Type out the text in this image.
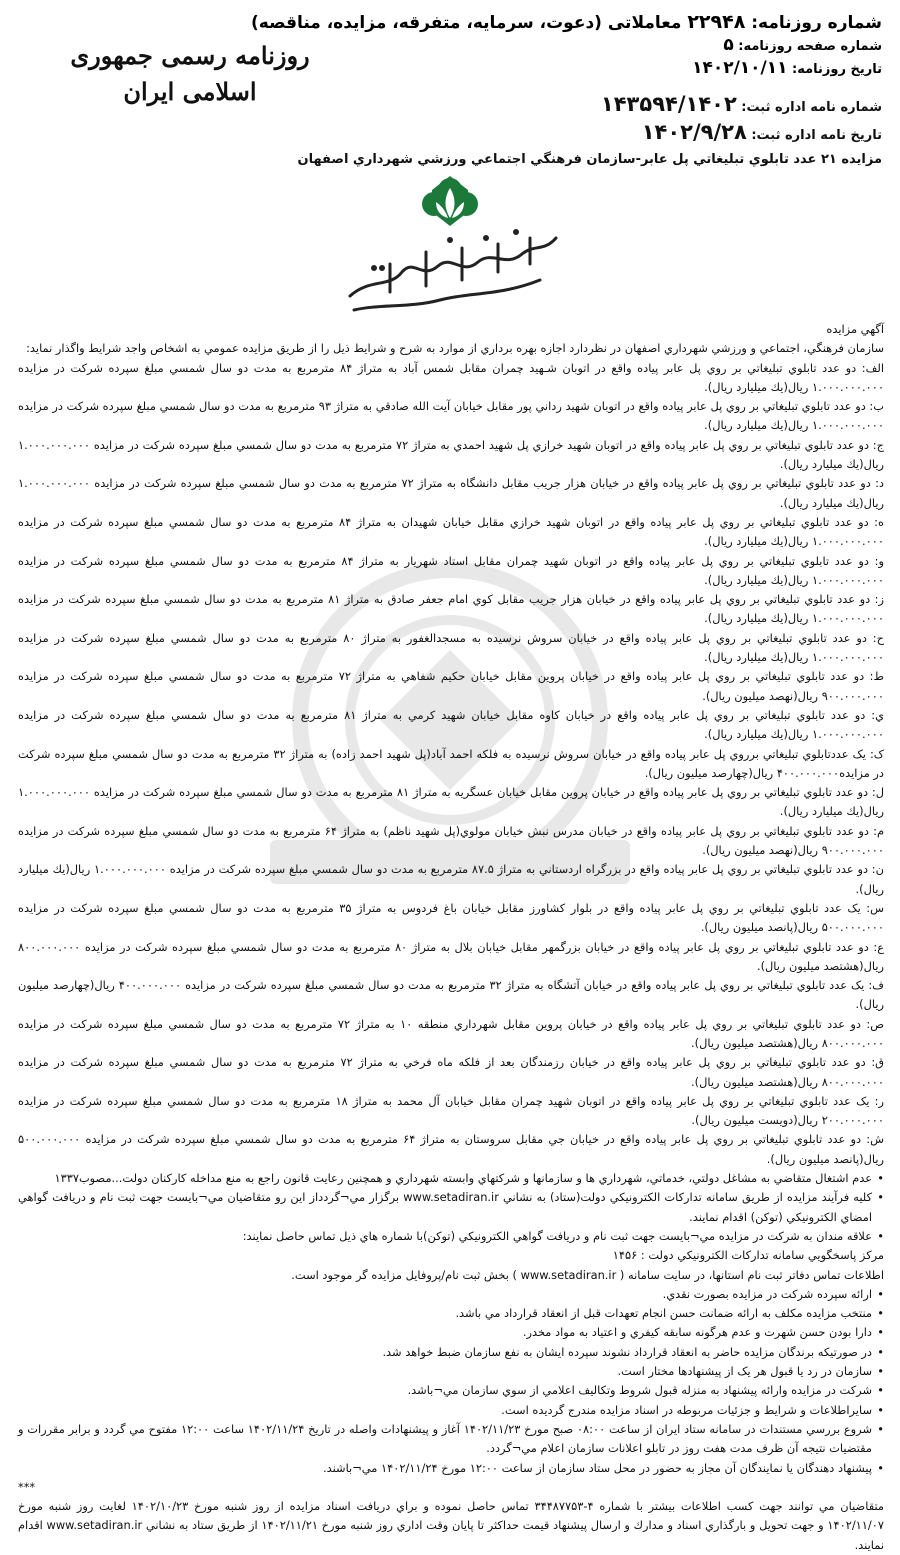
شماره روزنامه: ۲۲۹۴۸ معاملاتی (دعوت، سرمایه، متفرقه، مزایده، مناقصه)
شماره صفحه روزنامه: ۵
تاریخ روزنامه: ۱۴۰۲/۱۰/۱۱
روزنامه رسمی جمهوری اسلامی ایران
شماره نامه اداره ثبت: ۱۴۳۵۹۴/۱۴۰۲
تاریخ نامه اداره ثبت: ۱۴۰۲/۹/۲۸
مزایده ۲۱ عدد تابلوي تبليغاتي پل عابر-سازمان فرهنگي اجتماعي ورزشي شهرداري اصفهان

آگهي مزايده

سازمان فرهنگي، اجتماعي و ورزشي شهرداري اصفهان در نظردارد اجازه بهره برداري از موارد به شرح و شرايط ذيل را از طريق مزايده عمومي به اشخاص واجد شرايط واگذار نمايد:

الف: دو عدد تابلوي تبليغاتي بر روي پل عابر پياده واقع در اتوبان شـهيد چمران مقابل شمس آباد به متراژ ۸۴ مترمربع به مدت دو سال شمسي مبلغ سپرده شركت در مزايده ۱.۰۰۰.۰۰۰.۰۰۰ ريال(يك ميليارد ريال).

ب: دو عدد تابلوي تبليغاتي بر روي پل عابر پياده واقع در اتوبان شهيد رداني پور مقابل خيابان آيت الله صادقي به متراژ ۹۳ مترمربع به مدت دو سال شمسي مبلغ سپرده شركت در مزايده ۱.۰۰۰.۰۰۰.۰۰۰ ريال(يك ميليارد ريال).

ج: دو عدد تابلوي تبليغاتي بر روي پل عابر پياده واقع در اتوبان شهيد خرازي پل شهيد احمدي به متراژ ۷۲ مترمربع به مدت دو سال شمسي مبلغ سپرده شركت در مزايده ۱.۰۰۰.۰۰۰.۰۰۰ ريال(يك ميليارد ريال).

د: دو عدد تابلوي تبليغاتي بر روي پل عابر پياده واقع در خيابان هزار جريب مقابل دانشگاه به متراژ ۷۲ مترمربع به مدت دو سال شمسي مبلغ سپرده شركت در مزايده ۱.۰۰۰.۰۰۰.۰۰۰ ريال(يك ميليارد ريال).

ه: دو عدد تابلوي تبليغاتي بر روي پل عابر پياده واقع در اتوبان شهيد خرازي مقابل خيابان شهيدان به متراژ ۸۴ مترمربع به مدت دو سال شمسي مبلغ سپرده شركت در مزايده ۱.۰۰۰.۰۰۰.۰۰۰ ريال(يك ميليارد ريال).

و: دو عدد تابلوي تبليغاتي بر روي پل عابر پياده واقع در اتوبان شهيد چمران مقابل استاد شهريار به متراژ ۸۴ مترمربع به مدت دو سال شمسي مبلغ سپرده شركت در مزايده ۱.۰۰۰.۰۰۰.۰۰۰ ريال(يك ميليارد ريال).

ز: دو عدد تابلوي تبليغاتي بر روي پل عابر پياده واقع در خيابان هزار جريب مقابل كوي امام جعفر صادق به متراژ ۸۱ مترمربع به مدت دو سال شمسي مبلغ سپرده شركت در مزايده ۱.۰۰۰.۰۰۰.۰۰۰ ريال(يك ميليارد ريال).

ح: دو عدد تابلوي تبليغاتي بر روي پل عابر پياده واقع در خيابان سروش نرسيده به مسجدالغفور به متراژ ۸۰ مترمربع به مدت دو سال شمسي مبلغ سپرده شركت در مزايده ۱.۰۰۰.۰۰۰.۰۰۰ ريال(يك ميليارد ريال).

ط: دو عدد تابلوي تبليغاتي بر روي پل عابر پياده واقع در خيابان پروين مقابل خيابان حكيم شفاهي به متراژ ۷۲ مترمربع به مدت دو سال شمسي مبلغ سپرده شركت در مزايده ۹۰۰.۰۰۰.۰۰۰ ريال(نهصد ميليون ريال).

ي: دو عدد تابلوي تبليغاتي بر روي پل عابر پياده واقع در خيابان كاوه مقابل خيابان شهيد كرمي به متراژ ۸۱ مترمربع به مدت دو سال شمسي مبلغ سپرده شركت در مزايده ۱.۰۰۰.۰۰۰.۰۰۰ ريال(يك ميليارد ريال).

ک: يک عددتابلوي تبليغاتي برروي پل عابر پياده واقع در خيابان سروش نرسيده به فلكه احمد آباد(پل شهيد احمد زاده) به متراژ ۳۲ مترمربع به مدت دو سال شمسي مبلغ سپرده شركت در مزايده۴۰۰.۰۰۰.۰۰۰ ريال(چهارصد ميليون ريال).

ل: دو عدد تابلوي تبليغاتي بر روي پل عابر پياده واقع در خيابان پروين مقابل خيابان عسگريه به متراژ ۸۱ مترمربع به مدت دو سال شمسي مبلغ سپرده شركت در مزايده ۱.۰۰۰.۰۰۰.۰۰۰ ريال(يك ميليارد ريال).

م: دو عدد تابلوي تبليغاتي بر روي پل عابر پياده واقع در خيابان مدرس نبش خيابان مولوي(پل شهيد ناظم) به متراژ ۶۴ مترمربع به مدت دو سال شمسي مبلغ سپرده شركت در مزايده ۹۰۰.۰۰۰.۰۰۰ ريال(نهصد ميليون ريال).

ن: دو عدد تابلوي تبليغاتي بر روي پل عابر پياده واقع در بزرگراه اردستاني به متراژ ۸۷.۵ مترمربع به مدت دو سال شمسي مبلغ سپرده شركت در مزايده ۱.۰۰۰.۰۰۰.۰۰۰ ريال(يك ميليارد ريال).

س: يک عدد تابلوي تبليغاتي بر روي پل عابر پياده واقع در بلوار كشاورز مقابل خيابان باغ فردوس به متراژ ۳۵ مترمربع به مدت دو سال شمسي مبلغ سپرده شركت در مزايده ۵۰۰.۰۰۰.۰۰۰ ريال(پانصد ميليون ريال).

ع: دو عدد تابلوي تبليغاتي بر روي پل عابر پياده واقع در خيابان بزرگمهر مقابل خيابان بلال به متراژ ۸۰ مترمربع به مدت دو سال شمسي مبلغ سپرده شركت در مزايده ۸۰۰.۰۰۰.۰۰۰ ريال(هشتصد ميليون ريال).

ف: يک عدد تابلوي تبليغاتي بر روي پل عابر پياده واقع در خيابان آتشگاه به متراژ ۳۲ مترمربع به مدت دو سال شمسي مبلغ سپرده شركت در مزايده ۴۰۰.۰۰۰.۰۰۰ ريال(چهارصد ميليون ريال).

ص: دو عدد تابلوي تبليغاتي بر روي پل عابر پياده واقع در خيابان پروين مقابل شهرداري منطقه ۱۰ به متراژ ۷۲ مترمربع به مدت دو سال شمسي مبلغ سپرده شركت در مزايده ۸۰۰.۰۰۰.۰۰۰ ريال(هشتصد ميليون ريال).

ق: دو عدد تابلوي تبليغاتي بر روي پل عابر پياده واقع در خيابان رزمندگان بعد از فلكه ماه فرخي به متراژ ۷۲ مترمربع به مدت دو سال شمسي مبلغ سپرده شركت در مزايده ۸۰۰.۰۰۰.۰۰۰ ريال(هشتصد ميليون ريال).

ر: يک عدد تابلوي تبليغاتي بر روي پل عابر پياده واقع در اتوبان شهيد چمران مقابل خيابان آل محمد به متراژ ۱۸ مترمربع به مدت دو سال شمسي مبلغ سپرده شركت در مزايده ۲۰۰.۰۰۰.۰۰۰ ريال(دويست ميليون ريال).

ش: دو عدد تابلوي تبليغاتي بر روي پل عابر پياده واقع در خيابان جي مقابل سروستان به متراژ ۶۴ مترمربع به مدت دو سال شمسي مبلغ سپرده شركت در مزايده ۵۰۰.۰۰۰.۰۰۰ ريال(پانصد ميليون ريال).

• عدم اشتغال متقاضي به مشاغل دولتي، خدماتي، شهرداري ها و سازمانها و شركتهاي وابسته شهرداري و همچنين رعايت قانون راجع به منع مداخله كاركنان دولت...مصوب۱۳۳۷
• كليه فرآيند مزايده از طريق سامانه تداركات الكترونيكي دولت(ستاد) به نشاني www.setadiran.ir برگزار مي¬گردداز اين رو متقاضيان مي¬بايست جهت ثبت نام و دريافت گواهي امضاي الكترونيكي (توكن) اقدام نمايند.
• علاقه مندان به شركت در مزايده مي¬بايست جهت ثبت نام و دريافت گواهي الكترونيكي (توكن)با شماره هاي ذيل تماس حاصل نمايند:

مركز پاسخگويي سامانه تداركات الكترونيكي دولت : ۱۴۵۶

اطلاعات تماس دفاتر ثبت نام استانها، در سايت سامانه ( www.setadiran.ir ) بخش ثبت نام/پروفايل مزايده گر موجود است.

• ارائه سپرده شركت در مزايده بصورت نقدي.
• منتخب مزايده مكلف به ارائه ضمانت حسن انجام تعهدات قبل از انعقاد قرارداد مي باشد.
• دارا بودن حسن شهرت و عدم هرگونه سابقه كيفري و اعتياد به مواد مخدر.
• در صورتيكه برندگان مزايده حاضر به انعقاد قرارداد نشوند سپرده ايشان به نفع سازمان ضبط خواهد شد.
• سازمان در رد يا قبول هر يک از پيشنهادها مختار است.
• شركت در مزايده وارائه پيشنهاد به منزله قبول شروط وتكاليف اعلامي از سوي سازمان مي¬باشد.
• سايراطلاعات و شرايط و جزئيات مربوطه در اسناد مزايده مندرج گرديده است.
• شروع بررسي مستندات در سامانه ستاد ايران از ساعت ۰۸:۰۰ صبح مورخ ۱۴۰۲/۱۱/۲۳ آغاز و پيشنهادات واصله در تاريخ ۱۴۰۲/۱۱/۲۴ ساعت ۱۲:۰۰ مفتوح مي گردد و برابر مقررات و مقتضيات نتيجه آن ظرف مدت هفت روز در تابلو اعلانات سازمان اعلام مي¬گردد.
• پيشنهاد دهندگان يا نمايندگان آن مجاز به حضور در محل ستاد سازمان از ساعت ۱۲:۰۰ مورخ ۱۴۰۲/۱۱/۲۴ مي¬باشند.

***

متقاضيان مي توانند جهت كسب اطلاعات بيشتر با شماره ۴-۳۴۴۸۷۷۵۳ تماس حاصل نموده و براي دريافت اسناد مزايده از روز شنبه مورخ ۱۴۰۲/۱۰/۲۳ لغايت روز شنبه مورخ ۱۴۰۲/۱۱/۰۷ و جهت تحويل و بارگذاري اسناد و مدارك و ارسال پيشنهاد قيمت حداكثر تا پايان وقت اداري روز شنبه مورخ ۱۴۰۲/۱۱/۲۱ از طريق ستاد به نشاني www.setadiran.ir اقدام نمايند.
